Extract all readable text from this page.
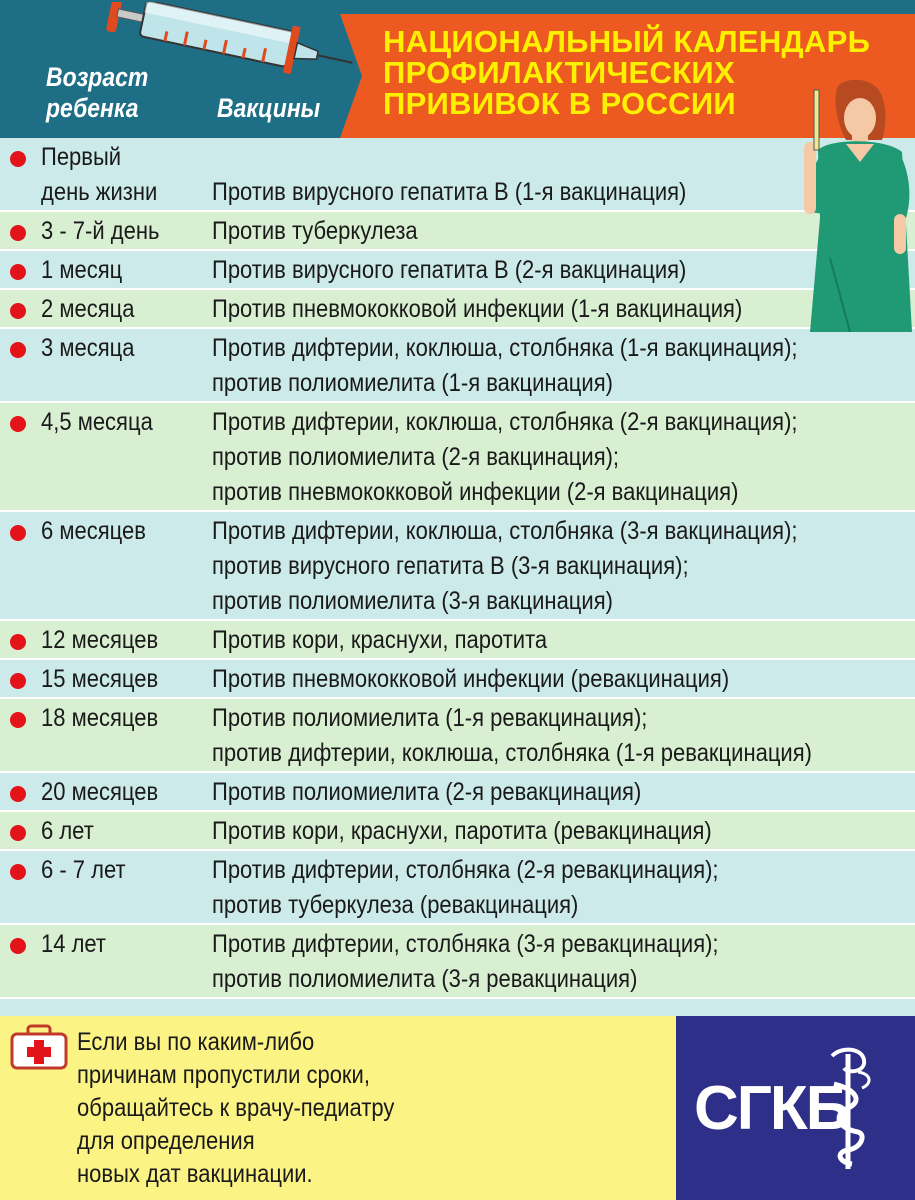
Возраст
ребенка	Вакцины
НАЦИОНАЛЬНЫЙ КАЛЕНДАРЬ
ПРОФИЛАКТИЧЕСКИХ
ПРИВИВОК В РОССИИ
Первый
день жизни Против вирусного гепатита В (1-я вакцинация)
3 - 7-й день Против туберкулеза
1 месяц	Против вирусного гепатита В (2-я вакцинация)
2 месяца	Против пневмококковой инфекции (1-я вакцинация)
3 месяца	Против дифтерии, коклюша, столбняка (1-я вакцинация);
против полиомиелита (1-я вакцинация)
4,5 месяца Против дифтерии, коклюша, столбняка (2-я вакцинация);
против полиомиелита (2-я вакцинация);
против пневмококковой инфекции (2-я вакцинация)
6 месяцев	Против дифтерии, коклюша, столбняка (3-я вакцинация);
против вирусного гепатита В (3-я вакцинация);
против полиомиелита (3-я вакцинация)
12 месяцев Против кори, краснухи, паротита
15 месяцев Против пневмококковой инфекции (ревакцинация)
18 месяцев Против полиомиелита (1-я ревакцинация);
против дифтерии, коклюша, столбняка (1-я ревакцинация)
20 месяцев Против полиомиелита (2-я ревакцинация)
6 лет	Против кори, краснухи, паротита (ревакцинация)
6 - 7 лет	Против дифтерии, столбняка (2-я ревакцинация);
против туберкулеза (ревакцинация)
14 лет	Против дифтерии, столбняка (3-я ревакцинация);
против полиомиелита (3-я ревакцинация)
Если вы по каким-либо
причинам пропустили сроки,
обращайтесь к врачу-педиатру
для определения
новых дат вакцинации.
СГКБ
